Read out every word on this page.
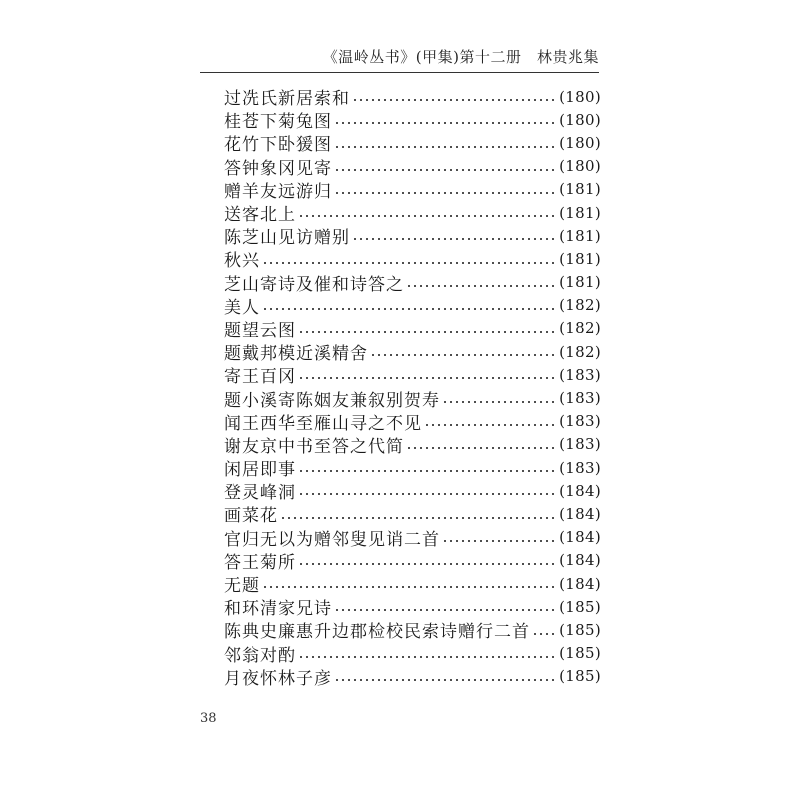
《温岭丛书》(甲集)第十二册　林贵兆集
过冼氏新居索和	(180)
桂苍下菊兔图	(180)
花竹下卧猨图	(180)
答钟象冈见寄	(180)
赠羊友远游归	(181)
送客北上	(181)
陈芝山见访赠别	(181)
秋兴	(181)
芝山寄诗及催和诗答之	(181)
美人	(182)
题望云图	(182)
题戴邦模近溪精舍	(182)
寄王百冈	(183)
题小溪寄陈姻友兼叙别贺寿	(183)
闻王西华至雁山寻之不见	(183)
谢友京中书至答之代简	(183)
闲居即事	(183)
登灵峰洞	(184)
画菜花	(184)
官归无以为赠邻叟见诮二首	(184)
答王菊所	(184)
无题	(184)
和环清家兄诗	(185)
陈典史廉惠升边郡检校民索诗赠行二首 (185)
邻翁对酌	(185)
月夜怀林子彦	(185)
38
